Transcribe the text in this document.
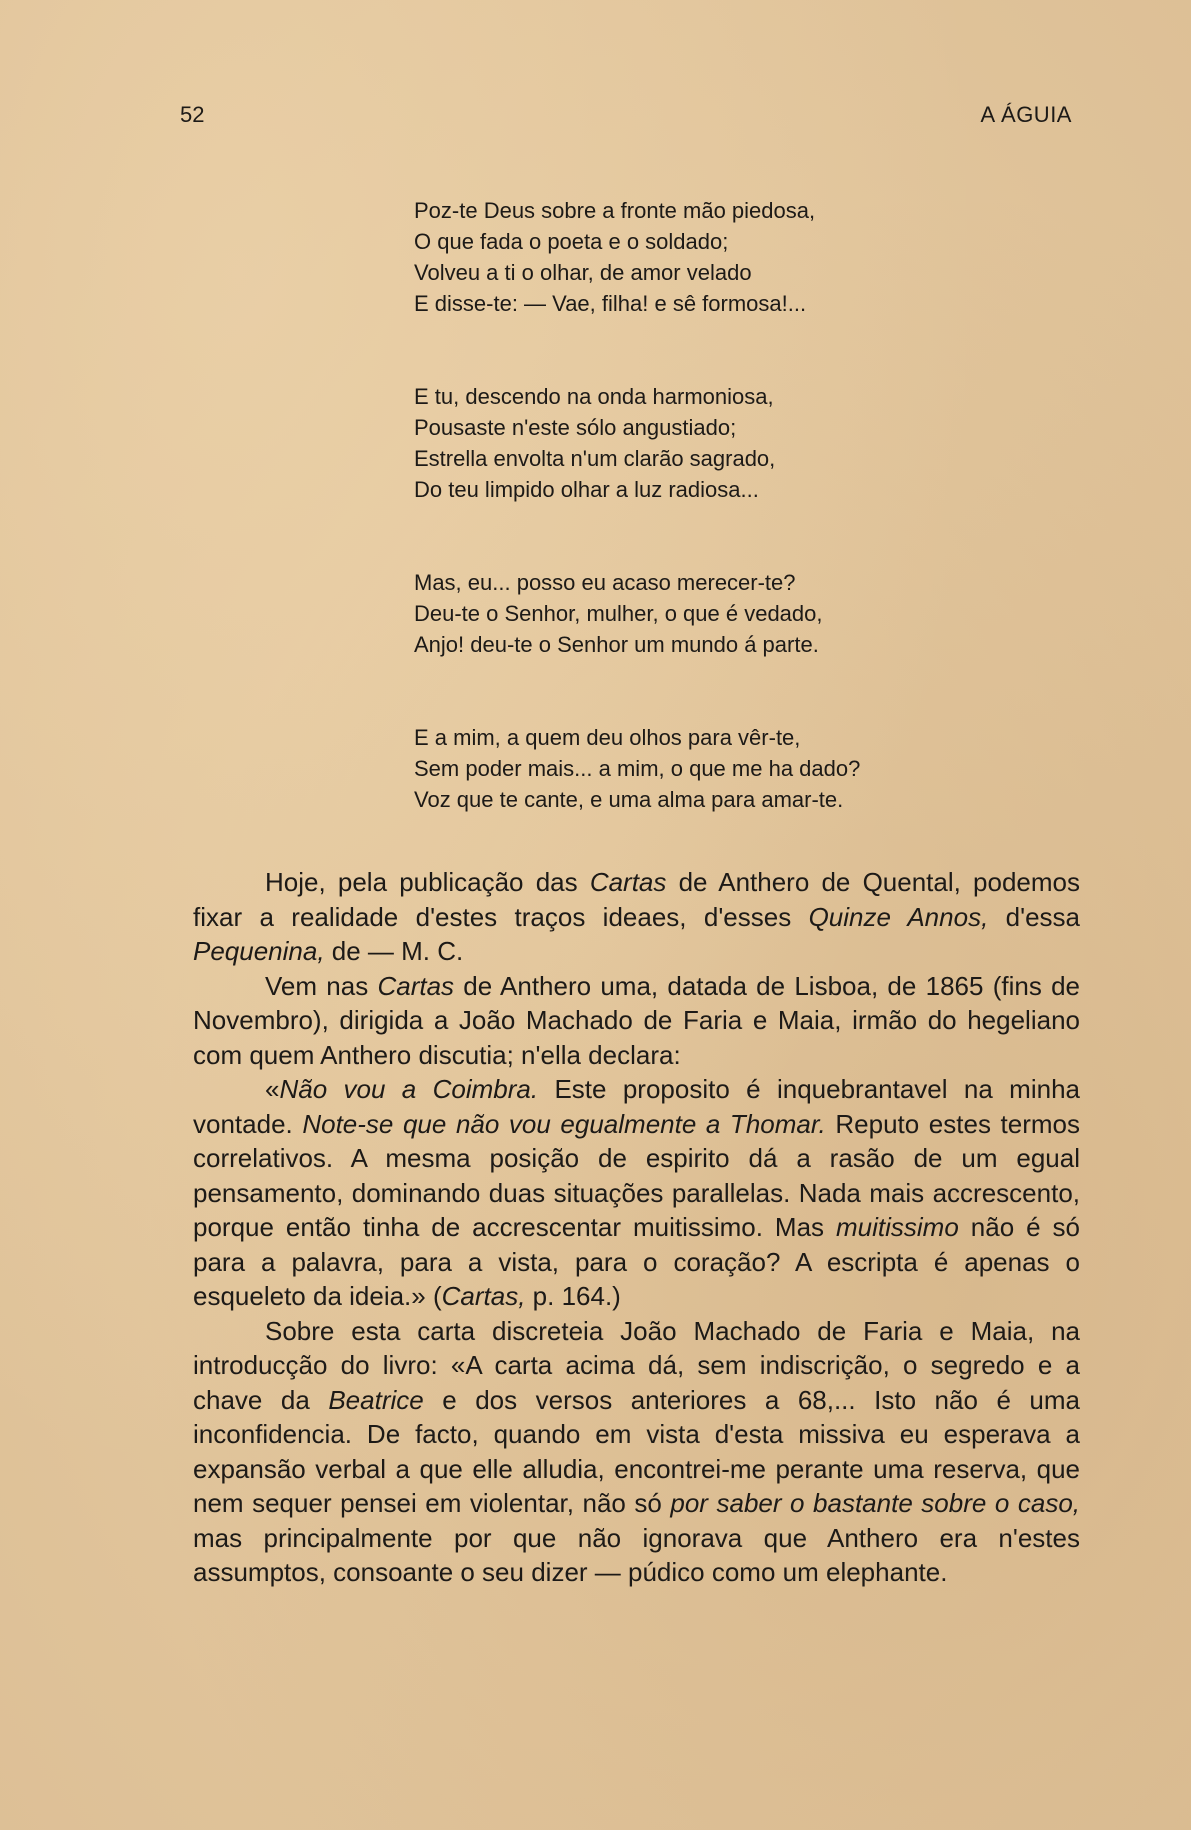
52	A ÁGUIA
Poz-te Deus sobre a fronte mão piedosa,
O que fada o poeta e o soldado;
Volveu a ti o olhar, de amor velado
E disse-te: — Vae, filha! e sê formosa!...
E tu, descendo na onda harmoniosa,
Pousaste n'este sólo angustiado;
Estrella envolta n'um clarão sagrado,
Do teu limpido olhar a luz radiosa...
Mas, eu... posso eu acaso merecer-te?
Deu-te o Senhor, mulher, o que é vedado,
Anjo! deu-te o Senhor um mundo á parte.
E a mim, a quem deu olhos para vêr-te,
Sem poder mais... a mim, o que me ha dado?
Voz que te cante, e uma alma para amar-te.

Hoje, pela publicação das Cartas de Anthero de Quental, podemos fixar a realidade d'estes traços ideaes, d'esses Quinze Annos, d'essa Pequenina, de — M. C.

Vem nas Cartas de Anthero uma, datada de Lisboa, de 1865 (fins de Novembro), dirigida a João Machado de Faria e Maia, irmão do hegeliano com quem Anthero discutia; n'ella declara:

«Não vou a Coimbra. Este proposito é inquebrantavel na minha vontade. Note-se que não vou egualmente a Thomar. Reputo estes termos correlativos. A mesma posição de espirito dá a rasão de um egual pensamento, dominando duas situações parallelas. Nada mais accrescento, porque então tinha de accrescentar muitissimo. Mas muitissimo não é só para a palavra, para a vista, para o coração? A escripta é apenas o esqueleto da ideia.» (Cartas, p. 164.)

Sobre esta carta discreteia João Machado de Faria e Maia, na introducção do livro: «A carta acima dá, sem indiscrição, o segredo e a chave da Beatrice e dos versos anteriores a 68,... Isto não é uma inconfidencia. De facto, quando em vista d'esta missiva eu esperava a expansão verbal a que elle alludia, encontrei-me perante uma reserva, que nem sequer pensei em violentar, não só por saber o bastante sobre o caso, mas principalmente por que não ignorava que Anthero era n'estes assumptos, consoante o seu dizer — púdico como um elephante.
